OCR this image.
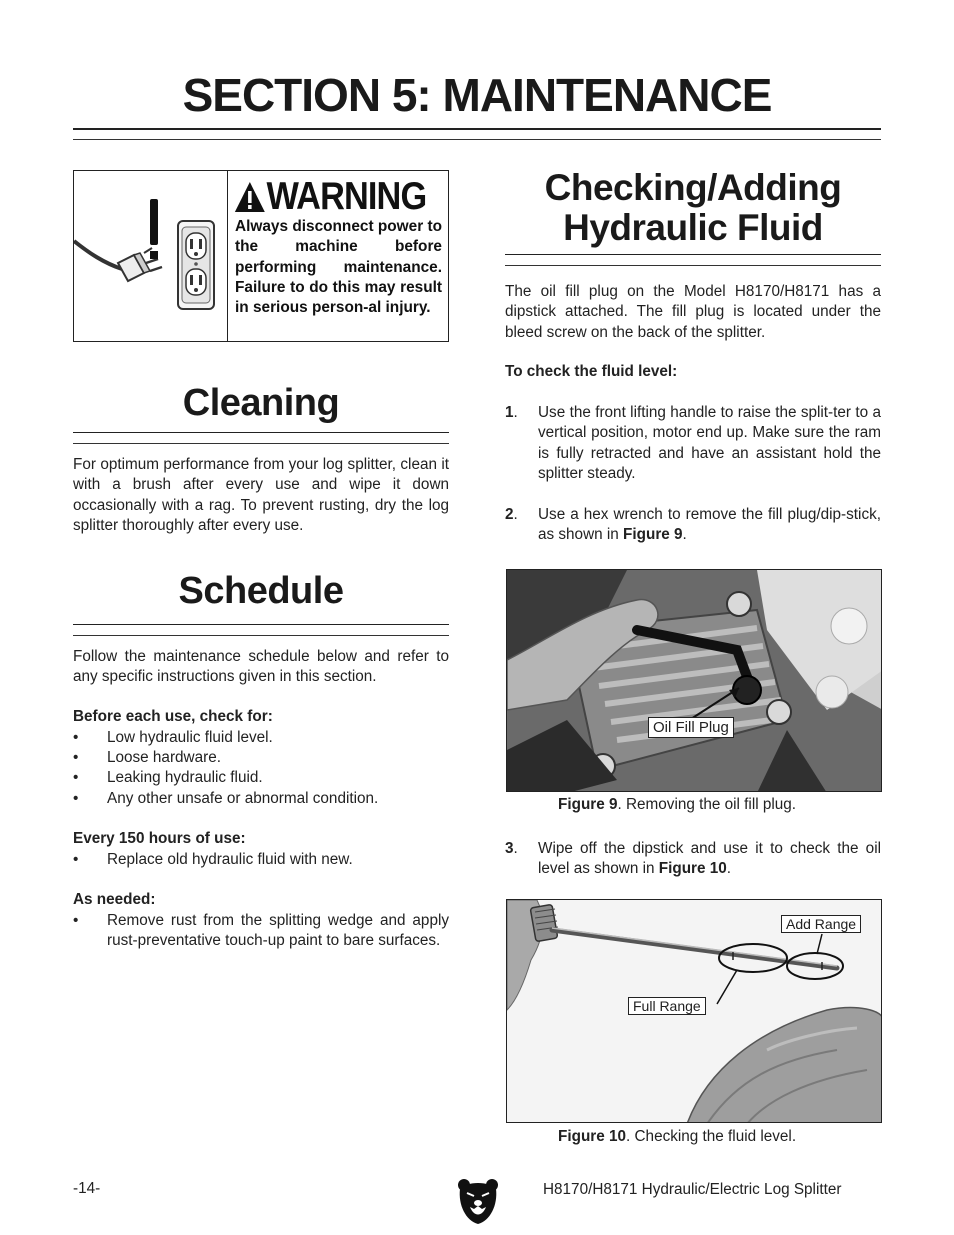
SECTION 5: MAINTENANCE
WARNING
Always disconnect power to the machine before performing maintenance. Failure to do this may result in serious person-al injury.
Cleaning
For optimum performance from your log splitter, clean it with a brush after every use and wipe it down occasionally with a rag. To prevent rusting, dry the log splitter thoroughly after every use.
Schedule
Follow the maintenance schedule below and refer to any specific instructions given in this section.
Before each use, check for:
• Low hydraulic fluid level.
• Loose hardware.
• Leaking hydraulic fluid.
• Any other unsafe or abnormal condition.
Every 150 hours of use:
• Replace old hydraulic fluid with new.
As needed:
• Remove rust from the splitting wedge and apply rust-preventative touch-up paint to bare surfaces.
Checking/Adding
Hydraulic Fluid
The oil fill plug on the Model H8170/H8171 has a dipstick attached. The fill plug is located under the bleed screw on the back of the splitter.
To check the fluid level:
1. Use the front lifting handle to raise the split-ter to a vertical position, motor end up. Make sure the ram is fully retracted and have an assistant hold the splitter steady.
2. Use a hex wrench to remove the fill plug/dip-stick, as shown in Figure 9.
Oil Fill Plug
Figure 9. Removing the oil fill plug.
3. Wipe off the dipstick and use it to check the oil level as shown in Figure 10.
Add Range
Full Range
Figure 10. Checking the fluid level.
-14-	H8170/H8171 Hydraulic/Electric Log Splitter
